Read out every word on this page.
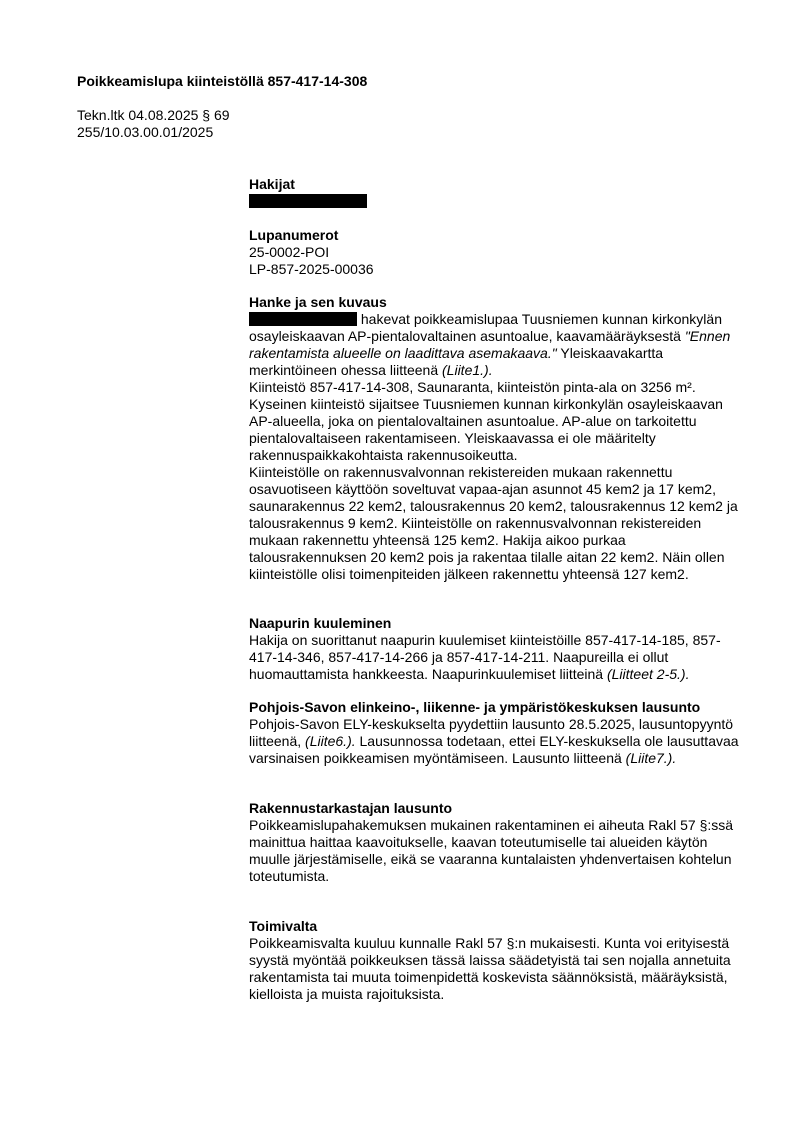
Poikkeamislupa kiinteistöllä 857-417-14-308
Tekn.ltk 04.08.2025 § 69
255/10.03.00.01/2025
Hakijat
Lupanumerot
25-0002-POI
LP-857-2025-00036
Hanke ja sen kuvaus

hakevat poikkeamislupaa Tuusniemen kunnan kirkonkylän osayleiskaavan AP-pientalovaltainen asuntoalue, kaavamääräyksestä "Ennen rakentamista alueelle on laadittava asemakaava." Yleiskaavakartta merkintöineen ohessa liitteenä (Liite1.).

Kiinteistö 857-417-14-308, Saunaranta, kiinteistön pinta-ala on 3256 m². Kyseinen kiinteistö sijaitsee Tuusniemen kunnan kirkonkylän osayleiskaavan AP-alueella, joka on pientalovaltainen asuntoalue. AP-alue on tarkoitettu pientalovaltaiseen rakentamiseen. Yleiskaavassa ei ole määritelty rakennuspaikkakohtaista rakennusoikeutta.

Kiinteistölle on rakennusvalvonnan rekistereiden mukaan rakennettu osavuotiseen käyttöön soveltuvat vapaa-ajan asunnot 45 kem2 ja 17 kem2, saunarakennus 22 kem2, talousrakennus 20 kem2, talousrakennus 12 kem2 ja talousrakennus 9 kem2. Kiinteistölle on rakennusvalvonnan rekistereiden mukaan rakennettu yhteensä 125 kem2. Hakija aikoo purkaa talousrakennuksen 20 kem2 pois ja rakentaa tilalle aitan 22 kem2. Näin ollen kiinteistölle olisi toimenpiteiden jälkeen rakennettu yhteensä 127 kem2.

Naapurin kuuleminen

Hakija on suorittanut naapurin kuulemiset kiinteistöille 857-417-14-185, 857-417-14-346, 857-417-14-266 ja 857-417-14-211. Naapureilla ei ollut huomauttamista hankkeesta. Naapurinkuulemiset liitteinä (Liitteet 2-5.).

Pohjois-Savon elinkeino-, liikenne- ja ympäristökeskuksen lausunto

Pohjois-Savon ELY-keskukselta pyydettiin lausunto 28.5.2025, lausuntopyyntö liitteenä, (Liite6.). Lausunnossa todetaan, ettei ELY-keskuksella ole lausuttavaa varsinaisen poikkeamisen myöntämiseen. Lausunto liitteenä (Liite7.).

Rakennustarkastajan lausunto

Poikkeamislupahakemuksen mukainen rakentaminen ei aiheuta Rakl 57 §:ssä mainittua haittaa kaavoitukselle, kaavan toteutumiselle tai alueiden käytön muulle järjestämiselle, eikä se vaaranna kuntalaisten yhdenvertaisen kohtelun toteutumista.

Toimivalta

Poikkeamisvalta kuuluu kunnalle Rakl 57 §:n mukaisesti. Kunta voi erityisestä syystä myöntää poikkeuksen tässä laissa säädetyistä tai sen nojalla annetuita rakentamista tai muuta toimenpidettä koskevista säännöksistä, määräyksistä, kielloista ja muista rajoituksista.
